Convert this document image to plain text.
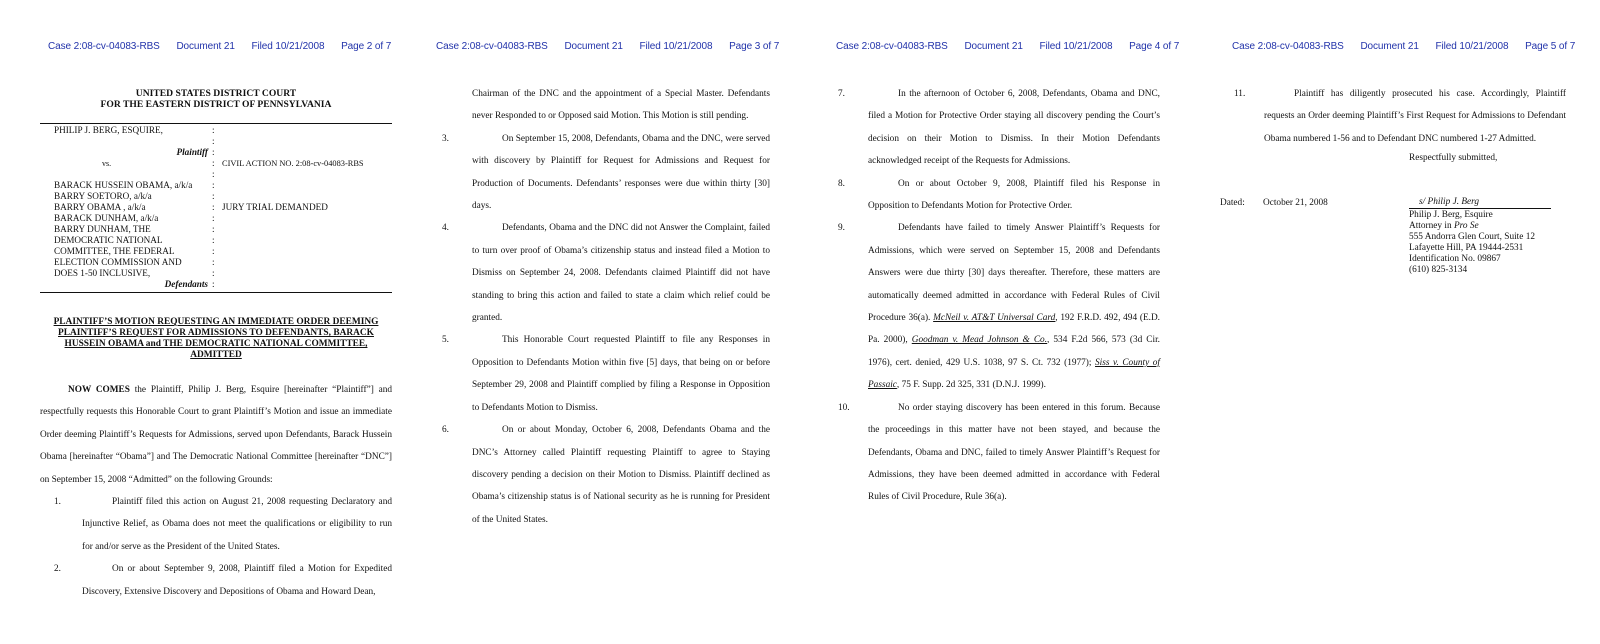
Case 2:08-cv-04083-RBS Document 21 Filed 10/21/2008 Page 2 of 7
UNITED STATES DISTRICT COURT
FOR THE EASTERN DISTRICT OF PENNSYLVANIA
PHILIP J. BERG, ESQUIRE,	:
:
Plaintiff :
vs.	: CIVIL ACTION NO. 2:08-cv-04083-RBS
:
BARACK HUSSEIN OBAMA, a/k/a	:
BARRY SOETORO, a/k/a	:
BARRY OBAMA , a/k/a	: JURY TRIAL DEMANDED
BARACK DUNHAM, a/k/a	:
BARRY DUNHAM, THE	:
DEMOCRATIC NATIONAL	:
COMMITTEE, THE FEDERAL	:
ELECTION COMMISSION AND	:
DOES 1-50 INCLUSIVE,	:
Defendants :
PLAINTIFF’S MOTION REQUESTING AN IMMEDIATE ORDER DEEMING PLAINTIFF’S REQUEST FOR ADMISSIONS TO DEFENDANTS, BARACK HUSSEIN OBAMA and THE DEMOCRATIC NATIONAL COMMITTEE, ADMITTED

NOW COMES the Plaintiff, Philip J. Berg, Esquire [hereinafter “Plaintiff”] and respectfully requests this Honorable Court to grant Plaintiff’s Motion and issue an immediate Order deeming Plaintiff’s Requests for Admissions, served upon Defendants, Barack Hussein Obama [hereinafter “Obama”] and The Democratic National Committee [hereinafter “DNC”] on September 15, 2008 “Admitted” on the following Grounds:

1.	Plaintiff filed this action on August 21, 2008 requesting Declaratory and Injunctive Relief, as Obama does not meet the qualifications or eligibility to run for and/or serve as the President of the United States.
2.	On or about September 9, 2008, Plaintiff filed a Motion for Expedited Discovery, Extensive Discovery and Depositions of Obama and Howard Dean,
Case 2:08-cv-04083-RBS Document 21 Filed 10/21/2008 Page 3 of 7
Chairman of the DNC and the appointment of a Special Master. Defendants never Responded to or Opposed said Motion. This Motion is still pending.
3.	On September 15, 2008, Defendants, Obama and the DNC, were served with discovery by Plaintiff for Request for Admissions and Request for Production of Documents. Defendants’ responses were due within thirty [30] days.
4.	Defendants, Obama and the DNC did not Answer the Complaint, failed to turn over proof of Obama’s citizenship status and instead filed a Motion to Dismiss on September 24, 2008. Defendants claimed Plaintiff did not have standing to bring this action and failed to state a claim which relief could be granted.
5.	This Honorable Court requested Plaintiff to file any Responses in Opposition to Defendants Motion within five [5] days, that being on or before September 29, 2008 and Plaintiff complied by filing a Response in Opposition to Defendants Motion to Dismiss.
6.	On or about Monday, October 6, 2008, Defendants Obama and the DNC’s Attorney called Plaintiff requesting Plaintiff to agree to Staying discovery pending a decision on their Motion to Dismiss. Plaintiff declined as Obama’s citizenship status is of National security as he is running for President of the United States.
Case 2:08-cv-04083-RBS Document 21 Filed 10/21/2008 Page 4 of 7
7.	In the afternoon of October 6, 2008, Defendants, Obama and DNC, filed a Motion for Protective Order staying all discovery pending the Court’s decision on their Motion to Dismiss. In their Motion Defendants acknowledged receipt of the Requests for Admissions.
8.	On or about October 9, 2008, Plaintiff filed his Response in Opposition to Defendants Motion for Protective Order.
9.	Defendants have failed to timely Answer Plaintiff’s Requests for Admissions, which were served on September 15, 2008 and Defendants Answers were due thirty [30] days thereafter. Therefore, these matters are automatically deemed admitted in accordance with Federal Rules of Civil Procedure 36(a). McNeil v. AT&T Universal Card, 192 F.R.D. 492, 494 (E.D. Pa. 2000), Goodman v. Mead Johnson & Co., 534 F.2d 566, 573 (3d Cir. 1976), cert. denied, 429 U.S. 1038, 97 S. Ct. 732 (1977); Siss v. County of Passaic, 75 F. Supp. 2d 325, 331 (D.N.J. 1999).
10.	No order staying discovery has been entered in this forum. Because the proceedings in this matter have not been stayed, and because the Defendants, Obama and DNC, failed to timely Answer Plaintiff’s Request for Admissions, they have been deemed admitted in accordance with Federal Rules of Civil Procedure, Rule 36(a).
Case 2:08-cv-04083-RBS Document 21 Filed 10/21/2008 Page 5 of 7
11.	Plaintiff has diligently prosecuted his case. Accordingly, Plaintiff requests an Order deeming Plaintiff’s First Request for Admissions to Defendant Obama numbered 1-56 and to Defendant DNC numbered 1-27 Admitted.
Respectfully submitted,
Dated: October 21, 2008	s/ Philip J. Berg
Philip J. Berg, Esquire
Attorney in Pro Se
555 Andorra Glen Court, Suite 12
Lafayette Hill, PA 19444-2531
Identification No. 09867
(610) 825-3134
